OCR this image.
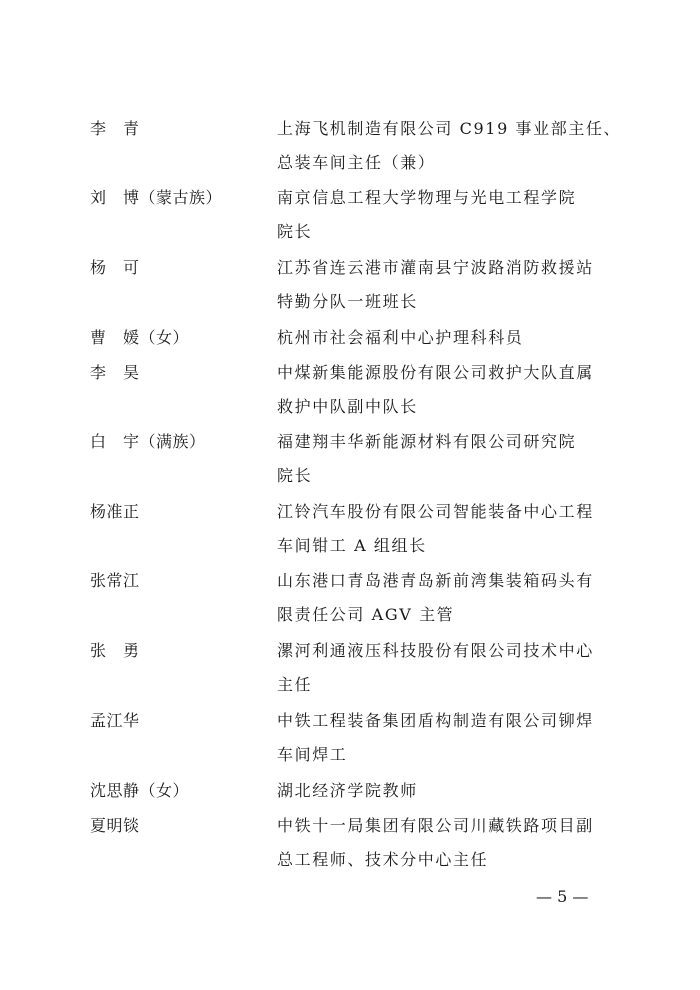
李　青	上海飞机制造有限公司 C919 事业部主任、
总装车间主任（兼）
刘　博（蒙古族）	南京信息工程大学物理与光电工程学院
院长
杨　可	江苏省连云港市灌南县宁波路消防救援站
特勤分队一班班长
曹　媛（女）	杭州市社会福利中心护理科科员
李　昊	中煤新集能源股份有限公司救护大队直属
救护中队副中队长
白　宇（满族）	福建翔丰华新能源材料有限公司研究院
院长
杨准正	江铃汽车股份有限公司智能装备中心工程
车间钳工 A 组组长
张常江	山东港口青岛港青岛新前湾集装箱码头有
限责任公司 AGV 主管
张　勇	漯河利通液压科技股份有限公司技术中心
主任
孟江华	中铁工程装备集团盾构制造有限公司铆焊
车间焊工
沈思静（女）	湖北经济学院教师
夏明锬	中铁十一局集团有限公司川藏铁路项目副
总工程师、技术分中心主任
— 5 —
